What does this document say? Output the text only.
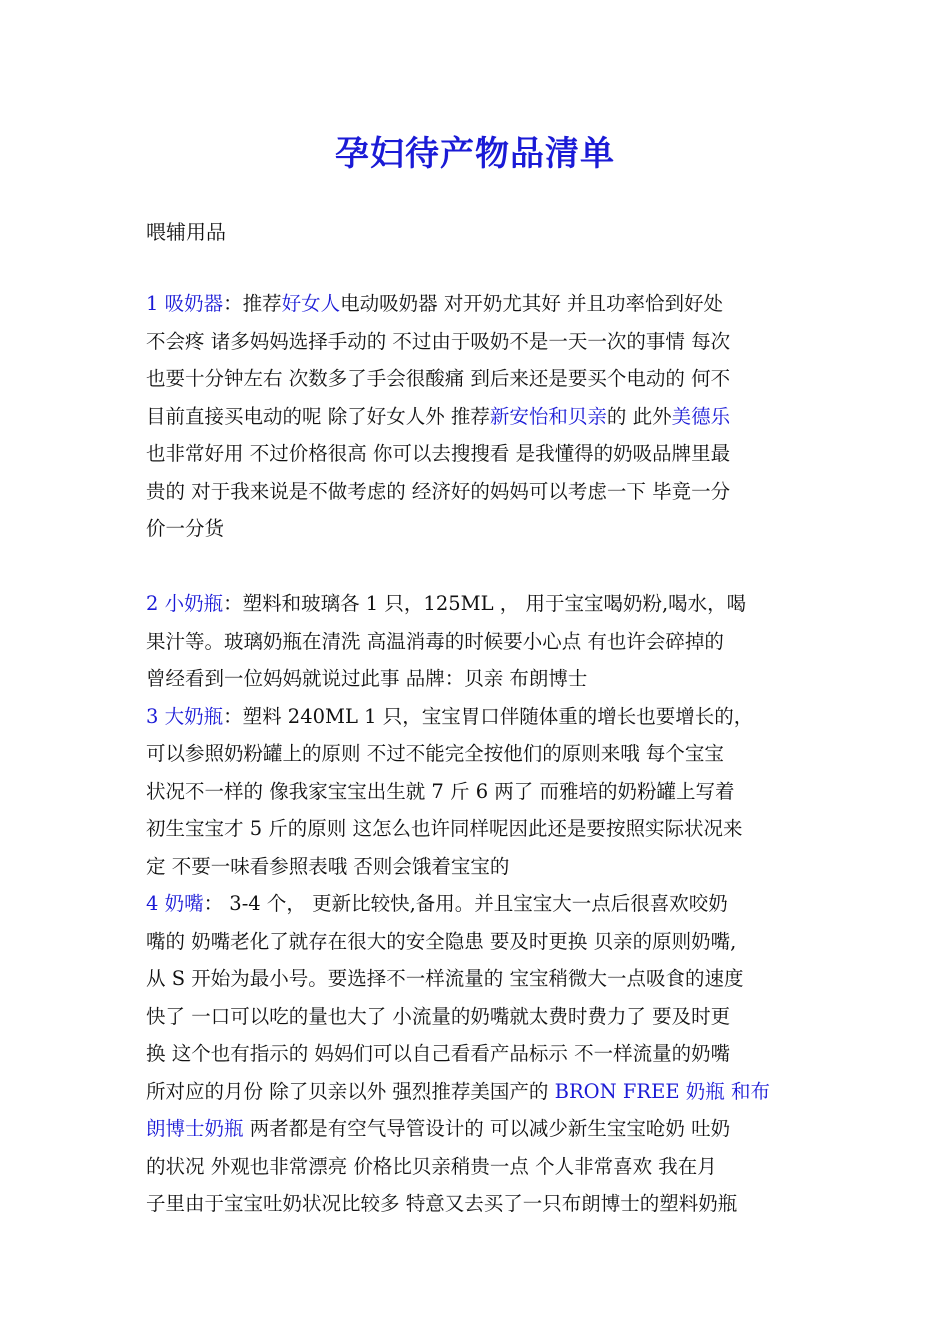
孕妇待产物品清单
喂辅用品
1 吸奶器：推荐好女人电动吸奶器 对开奶尤其好 并且功率恰到好处
不会疼 诸多妈妈选择手动的 不过由于吸奶不是一天一次的事情 每次
也要十分钟左右 次数多了手会很酸痛 到后来还是要买个电动的 何不
目前直接买电动的呢 除了好女人外 推荐新安怡和贝亲的 此外美德乐
也非常好用 不过价格很高 你可以去搜搜看 是我懂得的奶吸品牌里最
贵的 对于我来说是不做考虑的 经济好的妈妈可以考虑一下 毕竟一分
价一分货
2 小奶瓶：塑料和玻璃各 1 只，125ML ， 用于宝宝喝奶粉,喝水，喝
果汁等。玻璃奶瓶在清洗 高温消毒的时候要小心点 有也许会碎掉的
曾经看到一位妈妈就说过此事 品牌：贝亲 布朗博士
3 大奶瓶：塑料 240ML 1 只，宝宝胃口伴随体重的增长也要增长的，
可以参照奶粉罐上的原则 不过不能完全按他们的原则来哦 每个宝宝
状况不一样的 像我家宝宝出生就 7 斤 6 两了 而雅培的奶粉罐上写着
初生宝宝才 5 斤的原则 这怎么也许同样呢因此还是要按照实际状况来
定 不要一味看参照表哦 否则会饿着宝宝的
4 奶嘴： 3-4 个， 更新比较快,备用。并且宝宝大一点后很喜欢咬奶
嘴的 奶嘴老化了就存在很大的安全隐患 要及时更换 贝亲的原则奶嘴,
从 S 开始为最小号。要选择不一样流量的 宝宝稍微大一点吸食的速度
快了 一口可以吃的量也大了 小流量的奶嘴就太费时费力了 要及时更
换 这个也有指示的 妈妈们可以自己看看产品标示 不一样流量的奶嘴
所对应的月份 除了贝亲以外 强烈推荐美国产的 BRON FREE 奶瓶 和布
朗博士奶瓶 两者都是有空气导管设计的 可以减少新生宝宝呛奶 吐奶
的状况 外观也非常漂亮 价格比贝亲稍贵一点 个人非常喜欢 我在月
子里由于宝宝吐奶状况比较多 特意又去买了一只布朗博士的塑料奶瓶
